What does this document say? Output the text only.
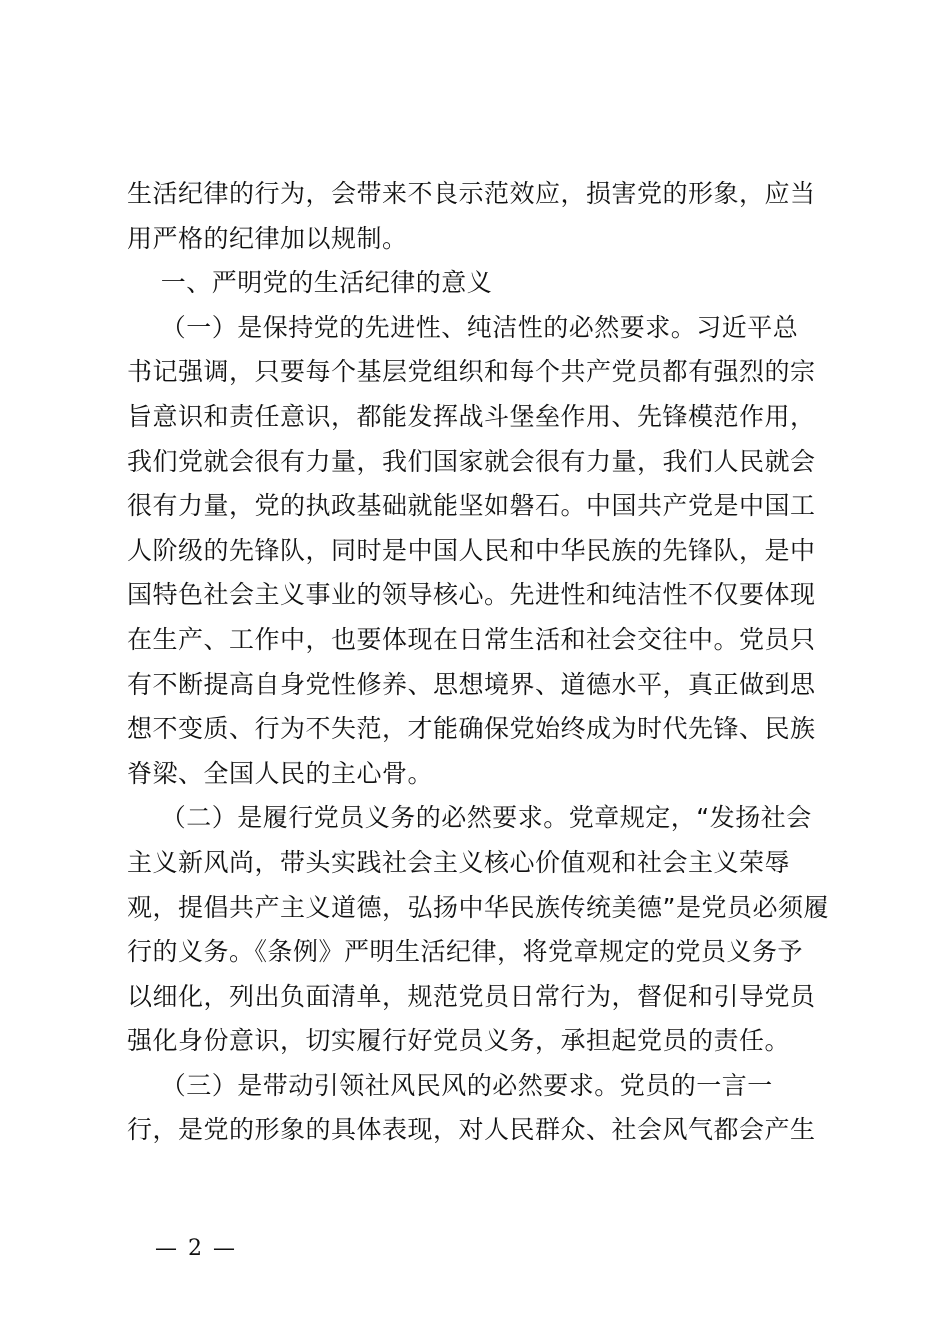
生活纪律的行为，会带来不良示范效应，损害党的形象，应当
用严格的纪律加以规制。
一、严明党的生活纪律的意义
（一）是保持党的先进性、纯洁性的必然要求。习近平总
书记强调，只要每个基层党组织和每个共产党员都有强烈的宗
旨意识和责任意识，都能发挥战斗堡垒作用、先锋模范作用，
我们党就会很有力量，我们国家就会很有力量，我们人民就会
很有力量，党的执政基础就能坚如磐石。中国共产党是中国工
人阶级的先锋队，同时是中国人民和中华民族的先锋队，是中
国特色社会主义事业的领导核心。先进性和纯洁性不仅要体现
在生产、工作中，也要体现在日常生活和社会交往中。党员只
有不断提高自身党性修养、思想境界、道德水平，真正做到思
想不变质、行为不失范，才能确保党始终成为时代先锋、民族
脊梁、全国人民的主心骨。
（二）是履行党员义务的必然要求。党章规定，“发扬社会
主义新风尚，带头实践社会主义核心价值观和社会主义荣辱
观，提倡共产主义道德，弘扬中华民族传统美德”是党员必须履
行的义务。《条例》严明生活纪律，将党章规定的党员义务予
以细化，列出负面清单，规范党员日常行为，督促和引导党员
强化身份意识，切实履行好党员义务，承担起党员的责任。
（三）是带动引领社风民风的必然要求。党员的一言一
行，是党的形象的具体表现，对人民群众、社会风气都会产生
— 2 —
